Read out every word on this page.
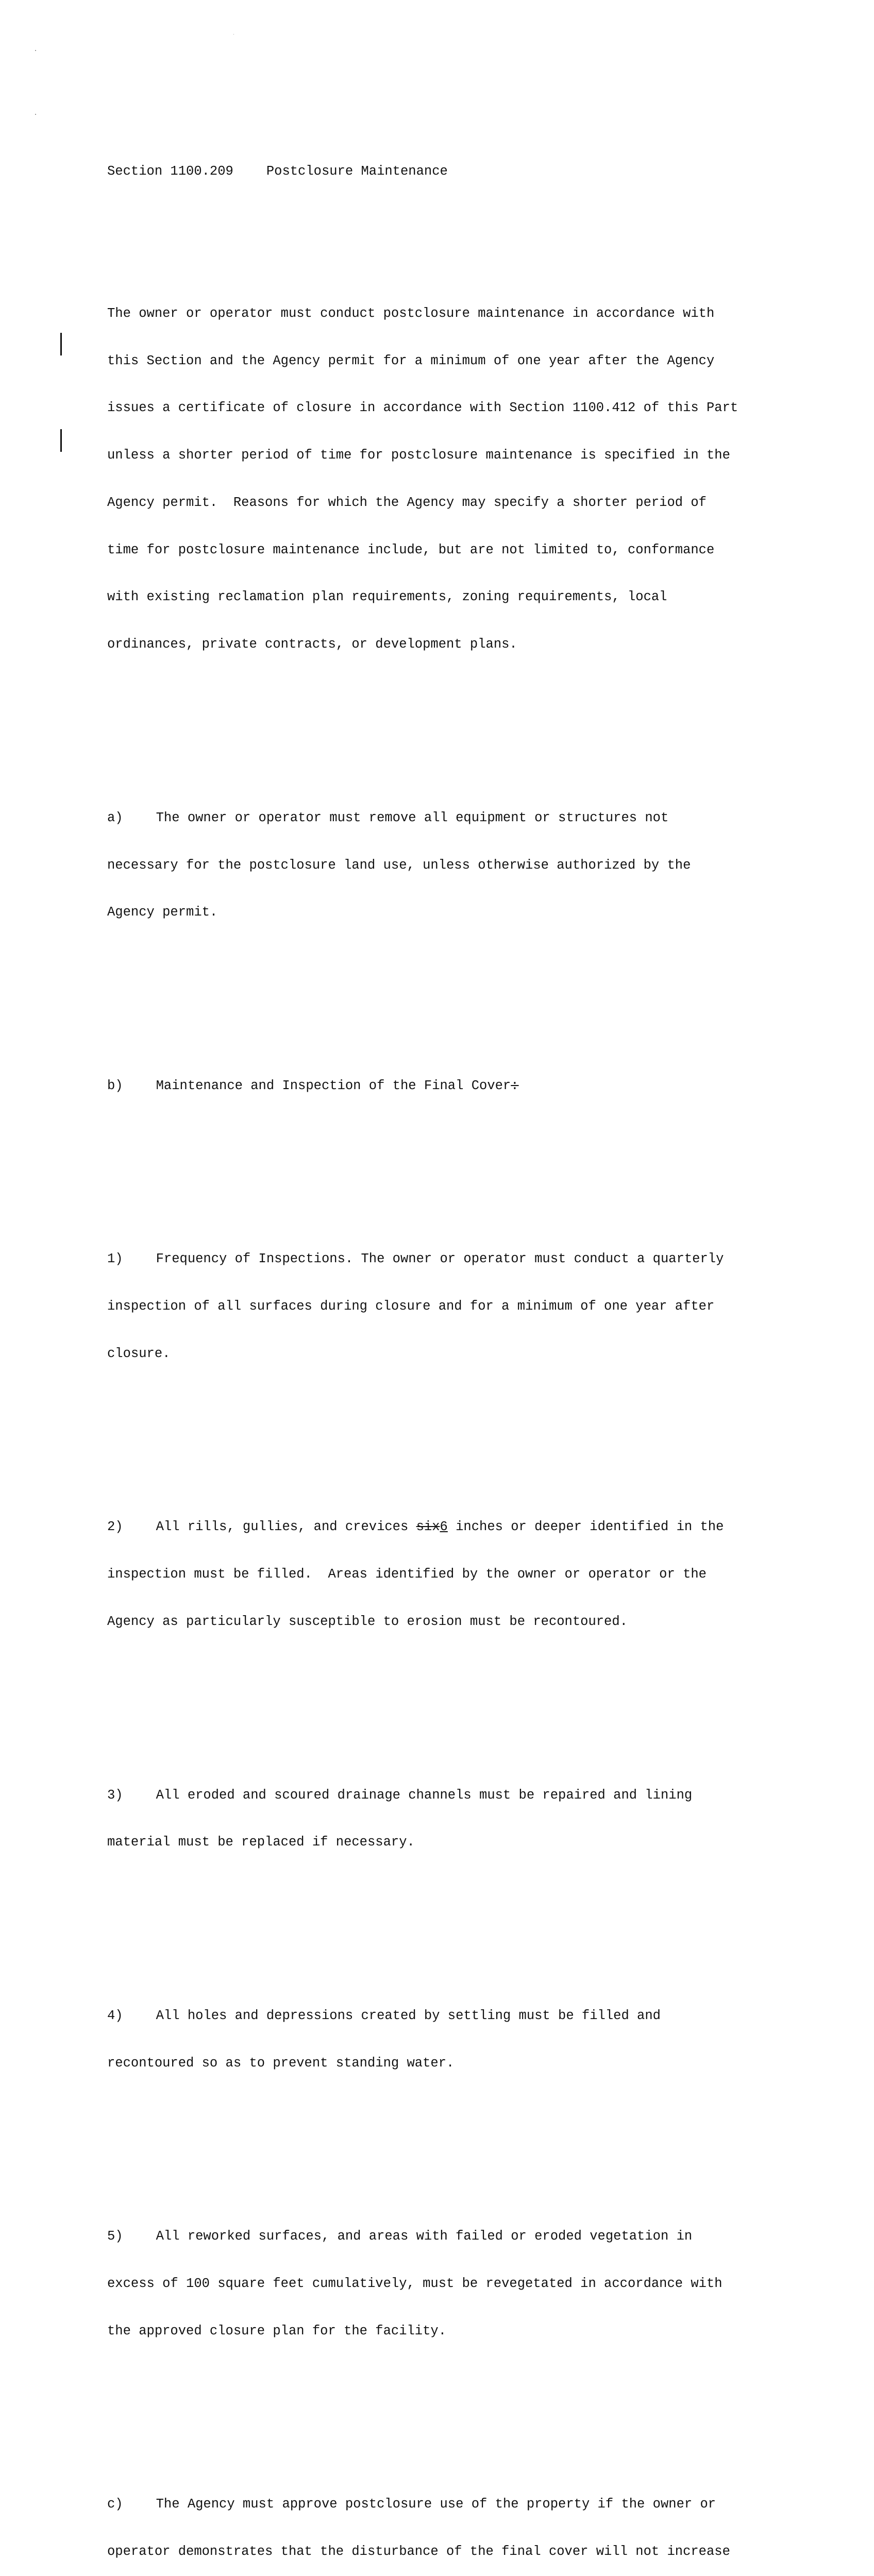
Section 1100.209	Postclosure Maintenance

The owner or operator must conduct postclosure maintenance in accordance with

this Section and the Agency permit for a minimum of one year after the Agency

issues a certificate of closure in accordance with Section 1100.412 of this Part

unless a shorter period of time for postclosure maintenance is specified in the

Agency permit.  Reasons for which the Agency may specify a shorter period of

time for postclosure maintenance include, but are not limited to, conformance

with existing reclamation plan requirements, zoning requirements, local

ordinances, private contracts, or development plans.

a)	The owner or operator must remove all equipment or structures not

necessary for the postclosure land use, unless otherwise authorized by the

Agency permit.

b)	Maintenance and Inspection of the Final Cover:

1)	Frequency of Inspections. The owner or operator must conduct a quarterly

inspection of all surfaces during closure and for a minimum of one year after

closure.

2)	All rills, gullies, and crevices six6 inches or deeper identified in the

inspection must be filled.  Areas identified by the owner or operator or the

Agency as particularly susceptible to erosion must be recontoured.

3)	All eroded and scoured drainage channels must be repaired and lining

material must be replaced if necessary.

4)	All holes and depressions created by settling must be filled and

recontoured so as to prevent standing water.

5)	All reworked surfaces, and areas with failed or eroded vegetation in

excess of 100 square feet cumulatively, must be revegetated in accordance with

the approved closure plan for the facility.

c)	The Agency must approve postclosure use of the property if the owner or

operator demonstrates that the disturbance of the final cover will not increase
